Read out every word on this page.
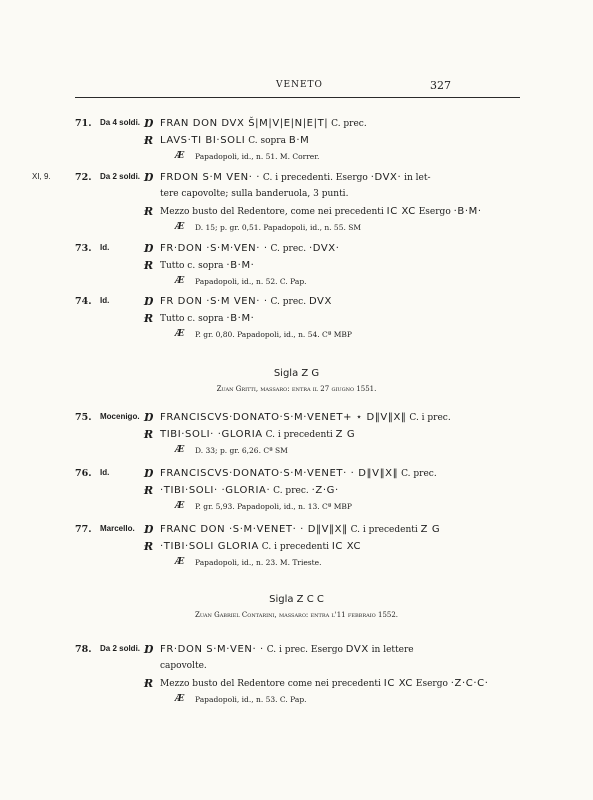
VENETO	327
71. Da 4 soldi. Ɒ FRAN DON DVX Š|M|V|E|N|E|T| C. prec.
Ɍ LAVS·TI BI·SOLI C. sopra B·M
Æ Papadopoli, id., n. 51. M. Correr.
72. Da 2 soldi.
XI, 9.	Ɒ FRDON S·M VEN· · C. i precedenti. Esergo ·DVX· in let-
tere capovolte; sulla banderuola, 3 punti.
Ɍ Mezzo busto del Redentore, come nei precedenti IC XC Esergo ·B·M·
Æ D. 15; p. gr. 0,51. Papadopoli, id., n. 55. SM
73. Id.	Ɒ FR·DON ·S·M·VEN· · C. prec. ·DVX·
Ɍ Tutto c. sopra ·B·M·
Æ Papadopoli, id., n. 52. C. Pap.
74. Id.	Ɒ FR DON ·S·M VEN· · C. prec. DVX
Ɍ Tutto c. sopra ·B·M·
Æ P. gr. 0,80. Papadopoli, id., n. 54. Cª MBP
75. Mocenigo. Ɒ FRANCISCVS·DONATO·S·M·VENET+ ⋆ D‖V‖X‖ C. i prec.
Ɍ TIBI·SOLI· ·GLORIA C. i precedenti Z G
Æ D. 33; p. gr. 6,26. Cª SM
76. Id.	Ɒ FRANCISCVS·DONATO·S·M·VENET· · D‖V‖X‖ C. prec.
Ɍ ·TIBI·SOLI· ·GLORIA· C. prec. ·Z·G·
Æ P. gr. 5,93. Papadopoli, id., n. 13. Cª MBP
77. Marcello. Ɒ FRANC DON ·S·M·VENET· · D‖V‖X‖ C. i precedenti Z G
Ɍ ·TIBI·SOLI GLORIA C. i precedenti IC XC
Æ Papadopoli, id., n. 23. M. Trieste.
78. Da 2 soldi. Ɒ FR·DON S·M·VEN· · C. i prec. Esergo DVX in lettere
capovolte.
Ɍ Mezzo busto del Redentore come nei precedenti IC XC Esergo ·Z·C·C·
Æ Papadopoli, id., n. 53. C. Pap.
Sigla Z G
Zuan Gritti, massaro: entra il 27 giugno 1551.
Sigla Z C C
Zuan Gabriel Contarini, massaro: entra l'11 febbraio 1552.
